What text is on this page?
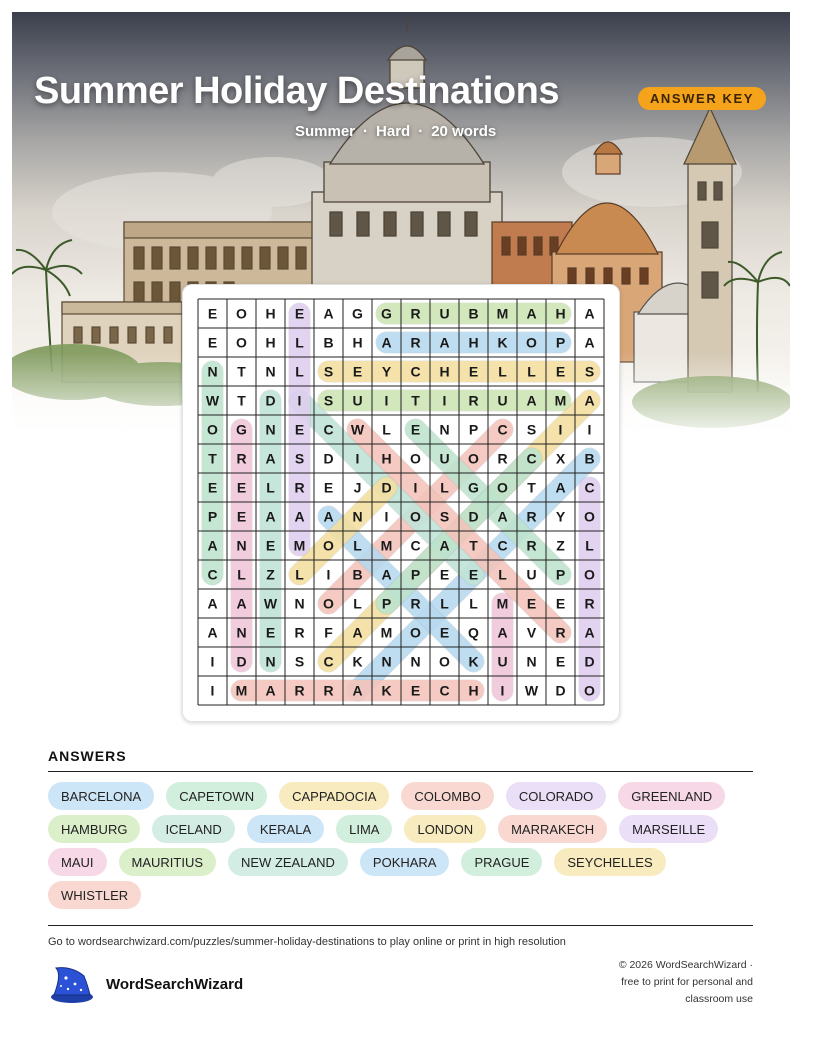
Summer Holiday Destinations	ANSWER KEY
Summer · Hard · 20 words
E O H E A G G R U B M A H A
E O H L B H A R A H K O P A
N T N L S E Y C H E L L E S
W T D I S U I T I R U A M A
O G N E C W L E N P C S I I
T R A S D I H O U O R C X B
E E L R E J D I L G O T A C
P E A A A N I O S D A R Y O
A N E M O L M C A T C R Z L
C L Z L I B A P E E L U P O
A A W N O L P R L L M E E R
A N E R F A M O E Q A V R A
I D N S C K N N O K U N E D
I M A R R A K E C H I W D O
ANSWERS
BARCELONA	CAPETOWN	CAPPADOCIA	COLOMBO	COLORADO	GREENLAND
HAMBURG	ICELAND	KERALA	LIMA	LONDON	MARRAKECH	MARSEILLE
MAUI	MAURITIUS	NEW ZEALAND	POKHARA	PRAGUE	SEYCHELLES
WHISTLER
Go to wordsearchwizard.com/puzzles/summer-holiday-destinations to play online or print in high resolution
WordSearchWizard
© 2026 WordSearchWizard ·
free to print for personal and
classroom use
